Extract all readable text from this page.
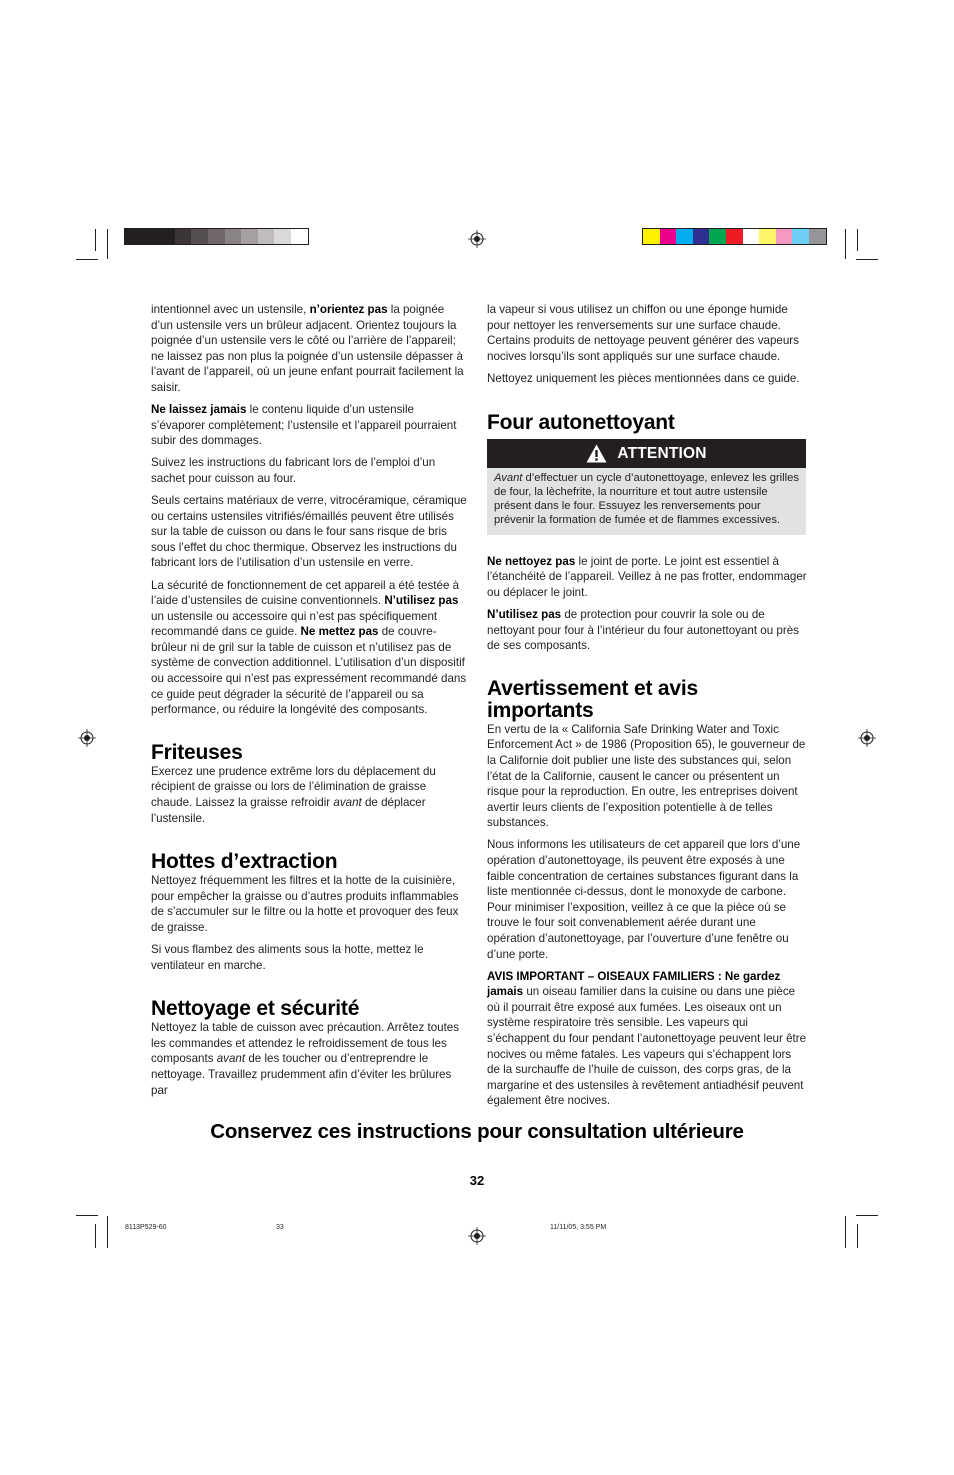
intentionnel avec un ustensile, n’orientez pas la poignée d’un ustensile vers un brûleur adjacent. Orientez toujours la poignée d’un ustensile vers le côté ou l’arrière de l’appareil; ne laissez pas non plus la poignée d’un ustensile dépasser à l’avant de l’appareil, où un jeune enfant pourrait facilement la saisir.

Ne laissez jamais le contenu liquide d’un ustensile s’évaporer complètement; l’ustensile et l’appareil pourraient subir des dommages.

Suivez les instructions du fabricant lors de l’emploi d’un sachet pour cuisson au four.

Seuls certains matériaux de verre, vitrocéramique, céramique ou certains ustensiles vitrifiés/émaillés peuvent être utilisés sur la table de cuisson ou dans le four sans risque de bris sous l’effet du choc thermique. Observez les instructions du fabricant lors de l’utilisation d’un ustensile en verre.

La sécurité de fonctionnement de cet appareil a été testée à l’aide d’ustensiles de cuisine conventionnels. N’utilisez pas un ustensile ou accessoire qui n’est pas spécifiquement recommandé dans ce guide. Ne mettez pas de couvre-brûleur ni de gril sur la table de cuisson et n’utilisez pas de système de convection additionnel. L’utilisation d’un dispositif ou accessoire qui n’est pas expressément recommandé dans ce guide peut dégrader la sécurité de l’appareil ou sa performance, ou réduire la longévité des composants.

Friteuses

Exercez une prudence extrême lors du déplacement du récipient de graisse ou lors de l’élimination de graisse chaude. Laissez la graisse refroidir avant de déplacer l’ustensile.

Hottes d’extraction

Nettoyez fréquemment les filtres et la hotte de la cuisinière, pour empêcher la graisse ou d’autres produits inflammables de s’accumuler sur le filtre ou la hotte et provoquer des feux de graisse.

Si vous flambez des aliments sous la hotte, mettez le ventilateur en marche.

Nettoyage et sécurité

Nettoyez la table de cuisson avec précaution. Arrêtez toutes les commandes et attendez le refroidissement de tous les composants avant de les toucher ou d’entreprendre le nettoyage. Travaillez prudemment afin d’éviter les brûlures par

la vapeur si vous utilisez un chiffon ou une éponge humide pour nettoyer les renversements sur une surface chaude. Certains produits de nettoyage peuvent générer des vapeurs nocives lorsqu’ils sont appliqués sur une surface chaude.

Nettoyez uniquement les pièces mentionnées dans ce guide.

Four autonettoyant
ATTENTION
Avant d’effectuer un cycle d’autonettoyage, enlevez les grilles de four, la lèchefrite, la nourriture et tout autre ustensile présent dans le four. Essuyez les renversements pour prévenir la formation de fumée et de flammes excessives.

Ne nettoyez pas le joint de porte. Le joint est essentiel à l’étanchéité de l’appareil. Veillez à ne pas frotter, endommager ou déplacer le joint.

N’utilisez pas de protection pour couvrir la sole ou de nettoyant pour four à l’intérieur du four autonettoyant ou près de ses composants.

Avertissement et avis importants

En vertu de la « California Safe Drinking Water and Toxic Enforcement Act » de 1986 (Proposition 65), le gouverneur de la Californie doit publier une liste des substances qui, selon l’état de la Californie, causent le cancer ou présentent un risque pour la reproduction. En outre, les entreprises doivent avertir leurs clients de l’exposition potentielle à de telles substances.

Nous informons les utilisateurs de cet appareil que lors d’une opération d’autonettoyage, ils peuvent être exposés à une faible concentration de certaines substances figurant dans la liste mentionnée ci-dessus, dont le monoxyde de carbone. Pour minimiser l’exposition, veillez à ce que la pièce où se trouve le four soit convenablement aérée durant une opération d’autonettoyage, par l’ouverture d’une fenêtre ou d’une porte.

AVIS IMPORTANT – OISEAUX FAMILIERS : Ne gardez jamais un oiseau familier dans la cuisine ou dans une pièce où il pourrait être exposé aux fumées. Les oiseaux ont un système respiratoire très sensible. Les vapeurs qui s’échappent du four pendant l’autonettoyage peuvent leur être nocives ou même fatales. Les vapeurs qui s’échappent lors de la surchauffe de l’huile de cuisson, des corps gras, de la margarine et des ustensiles à revêtement antiadhésif peuvent également être nocives.

Conservez ces instructions pour consultation ultérieure
32
8113P529-60	33	11/11/05, 3:55 PM
